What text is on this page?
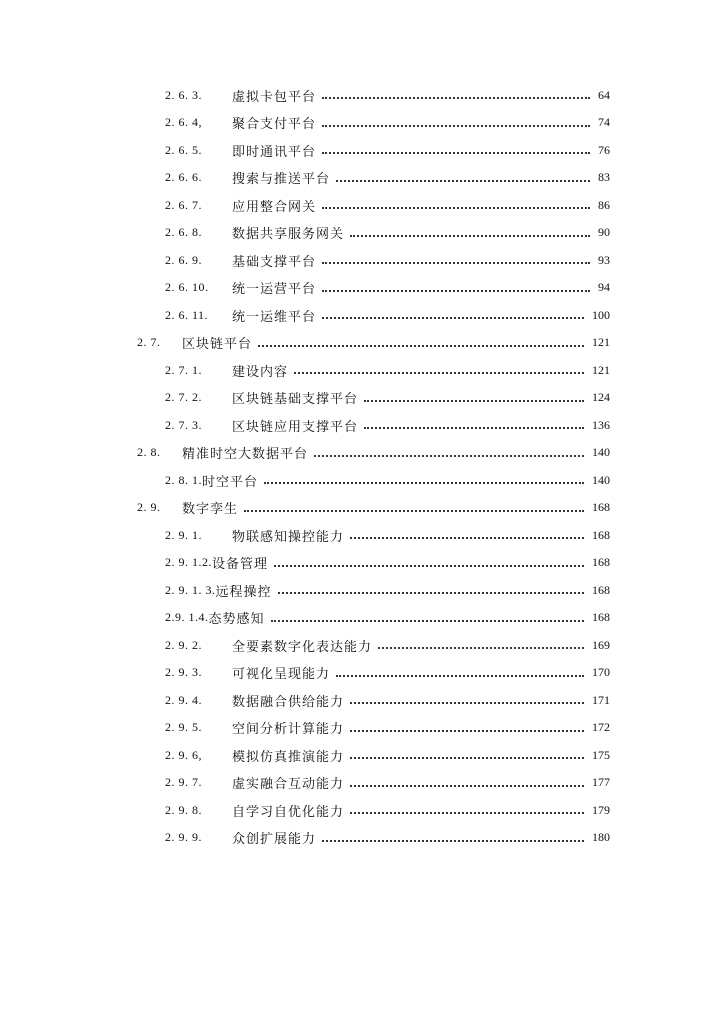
2. 6. 3.	虚拟卡包平台	64
2. 6. 4,	聚合支付平台	74
2. 6. 5.	即时通讯平台	76
2. 6. 6.	搜索与推送平台	83
2. 6. 7.	应用整合网关	86
2. 6. 8.	数据共享服务网关	90
2. 6. 9.	基础支撑平台	93
2. 6. 10.	统一运营平台	94
2. 6. 11.	统一运维平台	100
2. 7.	区块链平台	121
2. 7. 1.	建设内容	121
2. 7. 2.	区块链基础支撑平台	124
2. 7. 3.	区块链应用支撑平台	136
2. 8.	精准时空大数据平台	140
2. 8. 1. 时空平台	140
2. 9.	数字孪生	168
2. 9. 1.	物联感知操控能力	168
2. 9. 1.2. 设备管理	168
2. 9. 1. 3. 远程操控	168
2.9. 1.4. 态势感知	168
2. 9. 2.	全要素数字化表达能力	169
2. 9. 3.	可视化呈现能力	170
2. 9. 4.	数据融合供给能力	171
2. 9. 5.	空间分析计算能力	172
2. 9. 6,	模拟仿真推演能力	175
2. 9. 7.	虚实融合互动能力	177
2. 9. 8.	自学习自优化能力	179
2. 9. 9.	众创扩展能力	180
